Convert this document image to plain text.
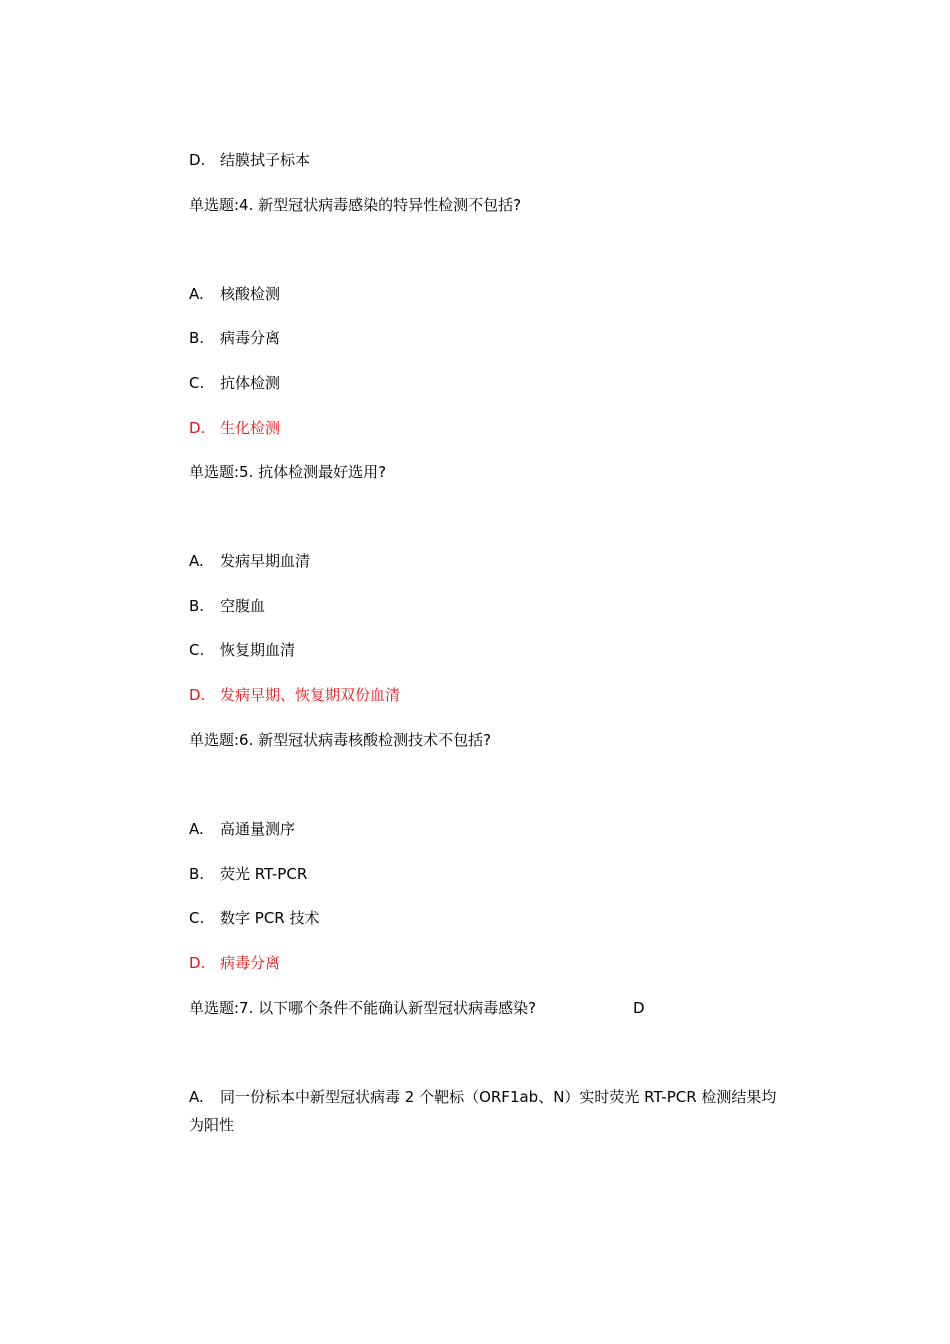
D. 结膜拭子标本
单选题:4. 新型冠状病毒感染的特异性检测不包括?
A. 核酸检测
B. 病毒分离
C. 抗体检测
D. 生化检测
单选题:5. 抗体检测最好选用?
A. 发病早期血清
B. 空腹血
C. 恢复期血清
D. 发病早期、恢复期双份血清
单选题:6. 新型冠状病毒核酸检测技术不包括?
A. 高通量测序
B. 荧光 RT-PCR
C. 数字 PCR 技术
D. 病毒分离
单选题:7. 以下哪个条件不能确认新型冠状病毒感染?	D
A. 同一份标本中新型冠状病毒 2 个靶标（ORF1ab、N）实时荧光 RT-PCR 检测结果均为阳性
